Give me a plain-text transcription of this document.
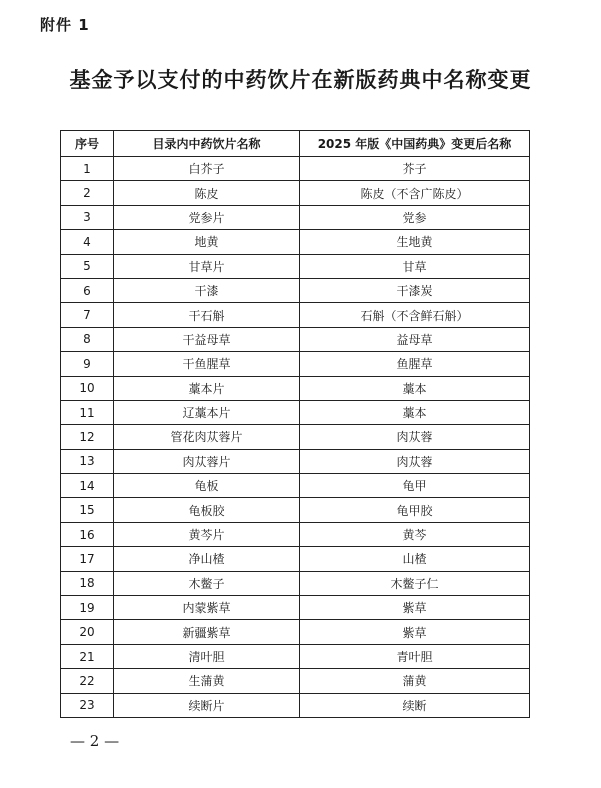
附件 1
基金予以支付的中药饮片在新版药典中名称变更
序号	目录内中药饮片名称	2025 年版《中国药典》变更后名称
1	白芥子	芥子
2	陈皮	陈皮（不含广陈皮）
3	党参片	党参
4	地黄	生地黄
5	甘草片	甘草
6	干漆	干漆炭
7	干石斛	石斛（不含鲜石斛）
8	干益母草	益母草
9	干鱼腥草	鱼腥草
10	藁本片	藁本
11	辽藁本片	藁本
12	管花肉苁蓉片	肉苁蓉
13	肉苁蓉片	肉苁蓉
14	龟板	龟甲
15	龟板胶	龟甲胶
16	黄芩片	黄芩
17	净山楂	山楂
18	木鳖子	木鳖子仁
19	内蒙紫草	紫草
20	新疆紫草	紫草
21	清叶胆	青叶胆
22	生蒲黄	蒲黄
23	续断片	续断
— 2 —
